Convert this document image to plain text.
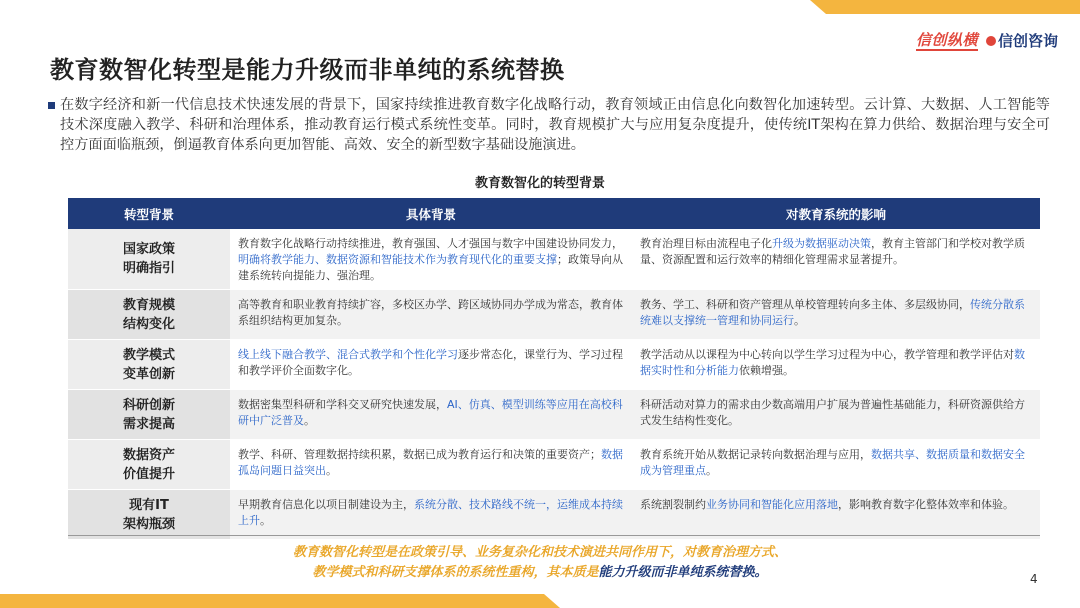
信创纵横 信创咨询
教育数智化转型是能力升级而非单纯的系统替换
在数字经济和新一代信息技术快速发展的背景下，国家持续推进教育数字化战略行动，教育领域正由信息化向数智化加速转型。云计算、大数据、人工智能等技术深度融入教学、科研和治理体系，推动教育运行模式系统性变革。同时，教育规模扩大与应用复杂度提升，使传统IT架构在算力供给、数据治理与安全可控方面面临瓶颈，倒逼教育体系向更加智能、高效、安全的新型数字基础设施演进。
教育数智化的转型背景
转型背景	具体背景	对教育系统的影响
国家政策
明确指引	教育数字化战略行动持续推进，教育强国、人才强国与数字中国建设协同发力，明确将教学能力、数据资源和智能技术作为教育现代化的重要支撑；政策导向从建系统转向提能力、强治理。	教育治理目标由流程电子化升级为数据驱动决策，教育主管部门和学校对教学质量、资源配置和运行效率的精细化管理需求显著提升。
教育规模
结构变化	高等教育和职业教育持续扩容，多校区办学、跨区域协同办学成为常态，教育体系组织结构更加复杂。	教务、学工、科研和资产管理从单校管理转向多主体、多层级协同，传统分散系统难以支撑统一管理和协同运行。
教学模式
变革创新	线上线下融合教学、混合式教学和个性化学习逐步常态化，课堂行为、学习过程和教学评价全面数字化。	教学活动从以课程为中心转向以学生学习过程为中心，教学管理和教学评估对数据实时性和分析能力依赖增强。
科研创新
需求提高	数据密集型科研和学科交叉研究快速发展，AI、仿真、模型训练等应用在高校科研中广泛普及。	科研活动对算力的需求由少数高端用户扩展为普遍性基础能力，科研资源供给方式发生结构性变化。
数据资产
价值提升	教学、科研、管理数据持续积累，数据已成为教育运行和决策的重要资产；数据孤岛问题日益突出。	教育系统开始从数据记录转向数据治理与应用，数据共享、数据质量和数据安全成为管理重点。
现有IT
架构瓶颈	早期教育信息化以项目制建设为主，系统分散、技术路线不统一，运维成本持续上升。	系统割裂制约业务协同和智能化应用落地，影响教育数字化整体效率和体验。
教育数智化转型是在政策引导、业务复杂化和技术演进共同作用下，对教育治理方式、
教学模式和科研支撑体系的系统性重构，其本质是能力升级而非单纯系统替换。	4
